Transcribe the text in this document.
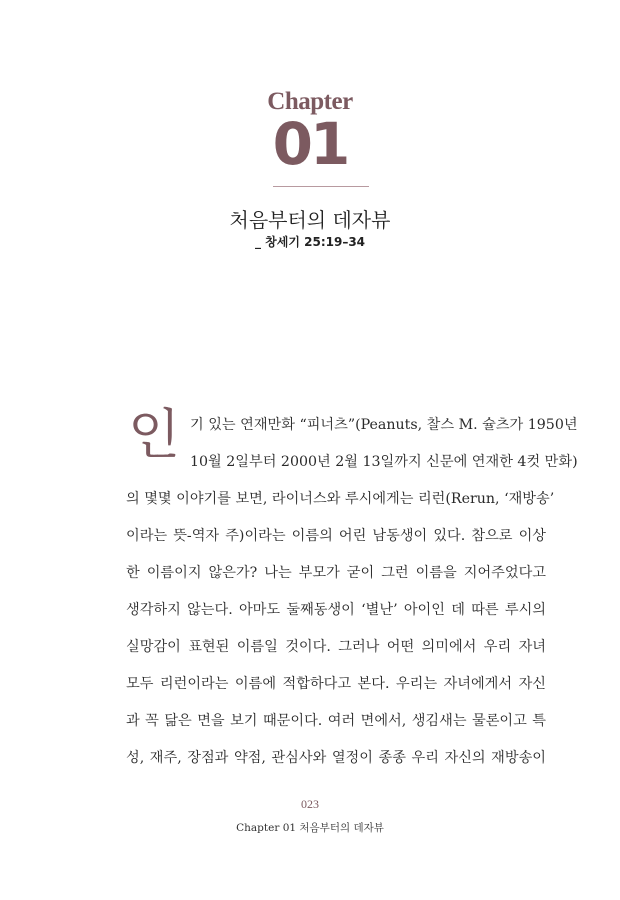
Chapter
01
처음부터의 데자뷰
_ 창세기 25:19–34
인 기 있는 연재만화 “피너츠”(Peanuts, 찰스 M. 슐츠가 1950년
10월 2일부터 2000년 2월 13일까지 신문에 연재한 4컷 만화)
의 몇몇 이야기를 보면, 라이너스와 루시에게는 리런(Rerun, ‘재방송’
이라는 뜻-역자 주)이라는 이름의 어린 남동생이 있다. 참으로 이상
한 이름이지 않은가? 나는 부모가 굳이 그런 이름을 지어주었다고
생각하지 않는다. 아마도 둘째동생이 ‘별난’ 아이인 데 따른 루시의
실망감이 표현된 이름일 것이다. 그러나 어떤 의미에서 우리 자녀
모두 리런이라는 이름에 적합하다고 본다. 우리는 자녀에게서 자신
과 꼭 닮은 면을 보기 때문이다. 여러 면에서, 생김새는 물론이고 특
성, 재주, 장점과 약점, 관심사와 열정이 종종 우리 자신의 재방송이
023
Chapter 01 처음부터의 데자뷰
